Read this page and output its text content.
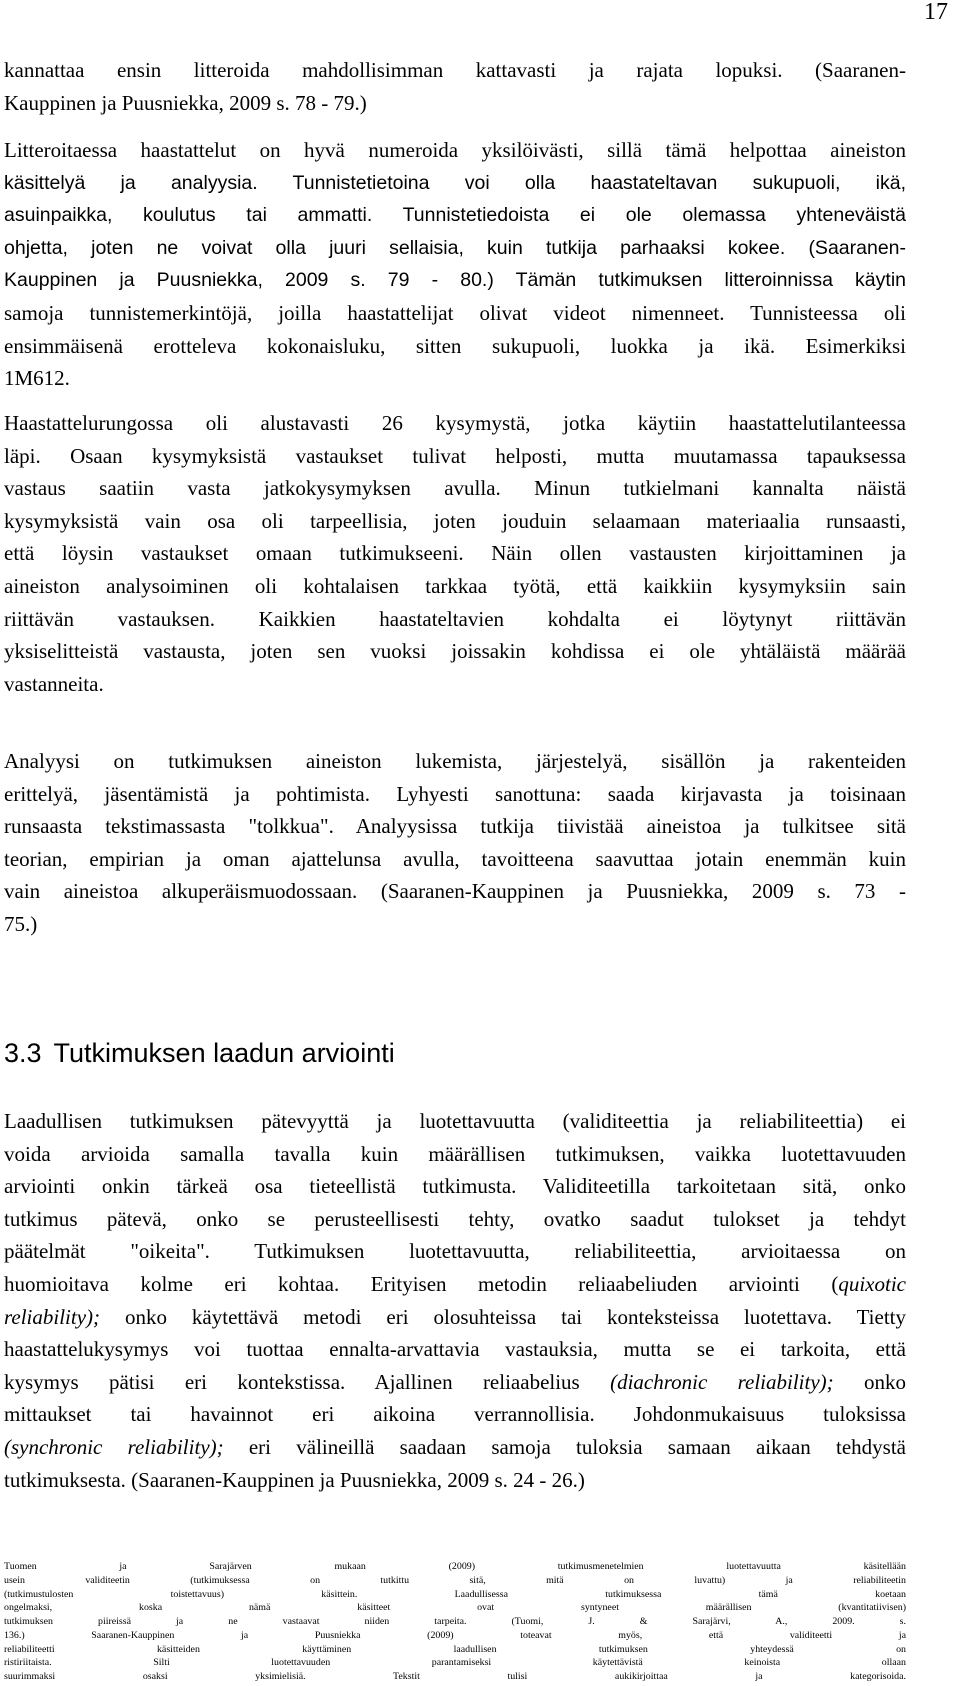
17
kannattaa ensin litteroida mahdollisimman kattavasti ja rajata lopuksi. (Saaranen-
Kauppinen ja Puusniekka, 2009 s. 78 - 79.)
Litteroitaessa haastattelut on hyvä numeroida yksilöivästi, sillä tämä helpottaa aineiston
käsittelyä ja analyysia. Tunnistetietoina voi olla haastateltavan sukupuoli, ikä,
asuinpaikka, koulutus tai ammatti. Tunnistetiedoista ei ole olemassa yhteneväistä
ohjetta, joten ne voivat olla juuri sellaisia, kuin tutkija parhaaksi kokee. (Saaranen-
Kauppinen ja Puusniekka, 2009 s. 79 - 80.) Tämän tutkimuksen litteroinnissa käytin
samoja tunnistemerkintöjä, joilla haastattelijat olivat videot nimenneet. Tunnisteessa oli
ensimmäisenä erotteleva kokonaisluku, sitten sukupuoli, luokka ja ikä. Esimerkiksi
1M612.
Haastattelurungossa oli alustavasti 26 kysymystä, jotka käytiin haastattelutilanteessa
läpi. Osaan kysymyksistä vastaukset tulivat helposti, mutta muutamassa tapauksessa
vastaus saatiin vasta jatkokysymyksen avulla. Minun tutkielmani kannalta näistä
kysymyksistä vain osa oli tarpeellisia, joten jouduin selaamaan materiaalia runsaasti,
että löysin vastaukset omaan tutkimukseeni. Näin ollen vastausten kirjoittaminen ja
aineiston analysoiminen oli kohtalaisen tarkkaa työtä, että kaikkiin kysymyksiin sain
riittävän vastauksen. Kaikkien haastateltavien kohdalta ei löytynyt riittävän
yksiselitteistä vastausta, joten sen vuoksi joissakin kohdissa ei ole yhtäläistä määrää
vastanneita.
Analyysi on tutkimuksen aineiston lukemista, järjestelyä, sisällön ja rakenteiden
erittelyä, jäsentämistä ja pohtimista. Lyhyesti sanottuna: saada kirjavasta ja toisinaan
runsaasta tekstimassasta "tolkkua". Analyysissa tutkija tiivistää aineistoa ja tulkitsee sitä
teorian, empirian ja oman ajattelunsa avulla, tavoitteena saavuttaa jotain enemmän kuin
vain aineistoa alkuperäismuodossaan. (Saaranen-Kauppinen ja Puusniekka, 2009 s. 73 -
75.)
3.3 Tutkimuksen laadun arviointi
Laadullisen tutkimuksen pätevyyttä ja luotettavuutta (validiteettia ja reliabiliteettia) ei
voida arvioida samalla tavalla kuin määrällisen tutkimuksen, vaikka luotettavuuden
arviointi onkin tärkeä osa tieteellistä tutkimusta. Validiteetilla tarkoitetaan sitä, onko
tutkimus pätevä, onko se perusteellisesti tehty, ovatko saadut tulokset ja tehdyt
päätelmät "oikeita". Tutkimuksen luotettavuutta, reliabiliteettia, arvioitaessa on
huomioitava kolme eri kohtaa. Erityisen metodin reliaabeliuden arviointi (quixotic
reliability); onko käytettävä metodi eri olosuhteissa tai konteksteissa luotettava. Tietty
haastattelukysymys voi tuottaa ennalta-arvattavia vastauksia, mutta se ei tarkoita, että
kysymys pätisi eri kontekstissa. Ajallinen reliaabelius (diachronic reliability); onko
mittaukset tai havainnot eri aikoina verrannollisia. Johdonmukaisuus tuloksissa
(synchronic reliability); eri välineillä saadaan samoja tuloksia samaan aikaan tehdystä
tutkimuksesta. (Saaranen-Kauppinen ja Puusniekka, 2009 s. 24 - 26.)
Tuomen ja Sarajärven mukaan (2009) tutkimusmenetelmien luotettavuutta käsitellään
usein validiteetin (tutkimuksessa on tutkittu sitä, mitä on luvattu) ja reliabiliteetin
(tutkimustulosten toistettavuus) käsittein. Laadullisessa tutkimuksessa tämä koetaan
ongelmaksi, koska nämä käsitteet ovat syntyneet määrällisen (kvantitatiivisen)
tutkimuksen piireissä ja ne vastaavat niiden tarpeita. (Tuomi, J. & Sarajärvi, A., 2009. s.
136.) Saaranen-Kauppinen ja Puusniekka (2009) toteavat myös, että validiteetti ja
reliabiliteetti käsitteiden käyttäminen laadullisen tutkimuksen yhteydessä on
ristiriitaista. Silti luotettavuuden parantamiseksi käytettävistä keinoista ollaan
suurimmaksi osaksi yksimielisiä. Tekstit tulisi aukikirjoittaa ja kategorisoida.
